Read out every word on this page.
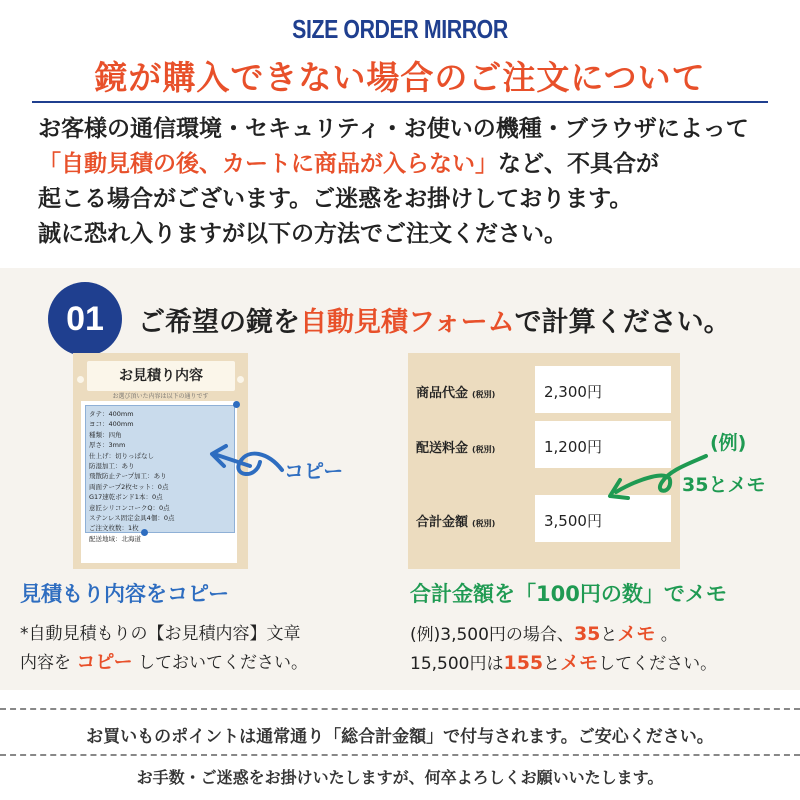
SIZE ORDER MIRROR
鏡が購入できない場合のご注文について
お客様の通信環境・セキュリティ・お使いの機種・ブラウザによって
「自動見積の後、カートに商品が入らない」など、不具合が
起こる場合がございます。ご迷惑をお掛けしております。
誠に恐れ入りますが以下の方法でご注文ください。
01	ご希望の鏡を自動見積フォームで計算ください。
お見積り内容
お選び頂いた内容は以下の通りです
タテ：400mm
ヨコ：400mm
種類：四角
厚さ：3mm
仕上げ：切りっぱなし
防湿加工：あり
飛散防止テープ加工：あり
両面テープ2枚セット：0点
G17速乾ボンド1本：0点
意匠シリコンコークQ：0点
ステンレス固定金具4個：0点
ご注文枚数：1枚
配送地域：北海道
コピー
商品代金 (税別)	2,300円
配送料金 (税別)	1,200円
合計金額 (税別)	3,500円
(例)
35とメモ
見積もり内容をコピー
*自動見積もりの【お見積内容】文章
内容を コピー しておいてください。
合計金額を「100円の数」でメモ
(例)3,500円の場合、35とメモ 。
15,500円は155とメモしてください。
お買いものポイントは通常通り「総合計金額」で付与されます。ご安心ください。
お手数・ご迷惑をお掛けいたしますが、何卒よろしくお願いいたします。
